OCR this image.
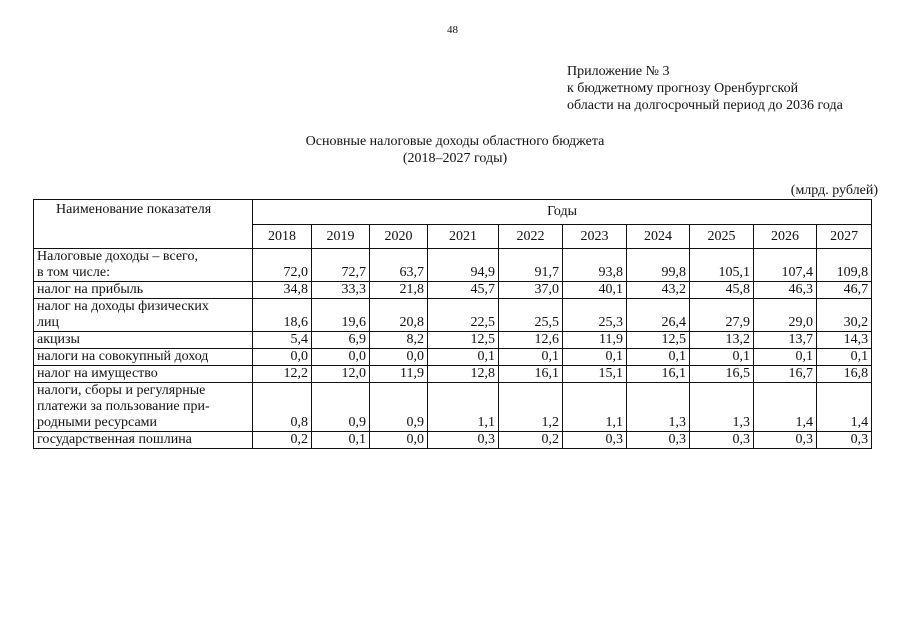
48
Приложение № 3
к бюджетному прогнозу Оренбургской
области на долгосрочный период до 2036 года
Основные налоговые доходы областного бюджета
(2018–2027 годы)
(млрд. рублей)
Наименование показателя	Годы									
	2018	2019	2020	2021	2022	2023	2024	2025	2026	2027

Налоговые доходы – всего,
в том числе:	72,0	72,7	63,7	94,9	91,7	93,8	99,8	105,1	107,4	109,8

налог на прибыль	34,8	33,3	21,8	45,7	37,0	40,1	43,2	45,8	46,3	46,7

налог на доходы физических
лиц	18,6	19,6	20,8	22,5	25,5	25,3	26,4	27,9	29,0	30,2

акцизы	5,4	6,9	8,2	12,5	12,6	11,9	12,5	13,2	13,7	14,3

налоги на совокупный доход	0,0	0,0	0,0	0,1	0,1	0,1	0,1	0,1	0,1	0,1

налог на имущество	12,2	12,0	11,9	12,8	16,1	15,1	16,1	16,5	16,7	16,8

налоги, сборы и регулярные
платежи за пользование при-
родными ресурсами	0,8	0,9	0,9	1,1	1,2	1,1	1,3	1,3	1,4	1,4

государственная пошлина	0,2	0,1	0,0	0,3	0,2	0,3	0,3	0,3	0,3	0,3
